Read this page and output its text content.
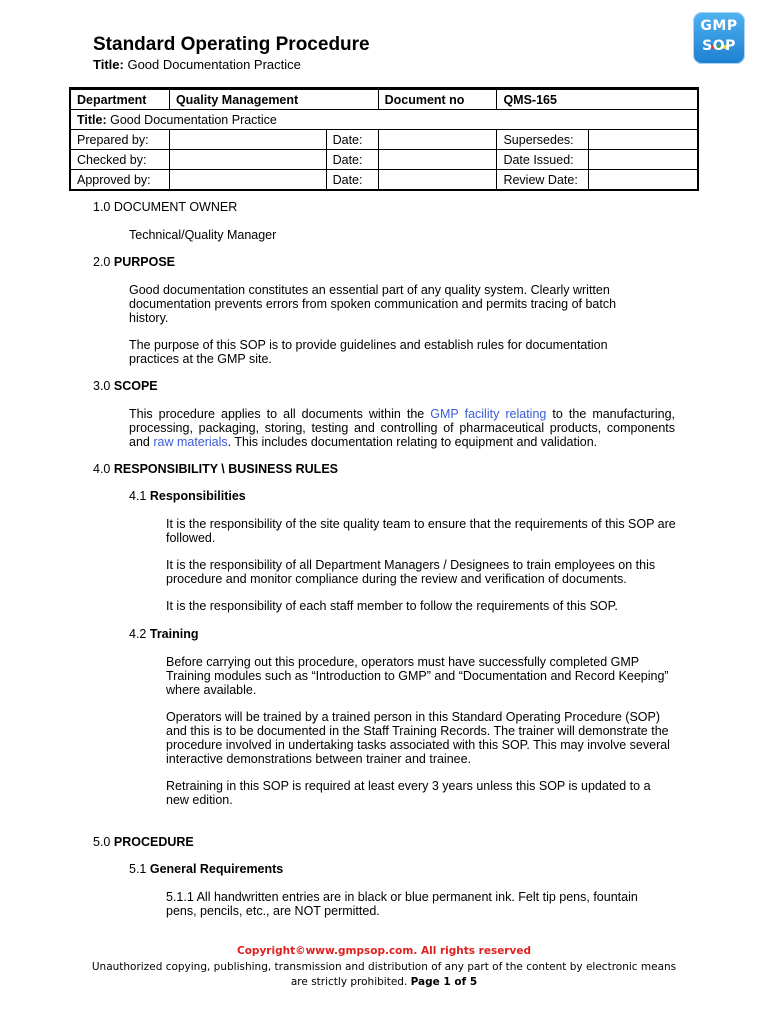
Standard Operating Procedure
Title: Good Documentation Practice
GMP
SOP
Department	Quality Management		Document no	QMS-165	
Title: Good Documentation Practice					
Prepared by:		Date:		Supersedes:	
Checked by:		Date:		Date Issued:	
Approved by:		Date:		Review Date:	
1.0 DOCUMENT OWNER
Technical/Quality Manager
2.0 PURPOSE
Good documentation constitutes an essential part of any quality system. Clearly written documentation prevents errors from spoken communication and permits tracing of batch history.
The purpose of this SOP is to provide guidelines and establish rules for documentation practices at the GMP site.
3.0 SCOPE
This procedure applies to all documents within the GMP facility relating to the manufacturing, processing, packaging, storing, testing and controlling of pharmaceutical products, components and raw materials. This includes documentation relating to equipment and validation.
4.0 RESPONSIBILITY \ BUSINESS RULES
4.1 Responsibilities
It is the responsibility of the site quality team to ensure that the requirements of this SOP are followed.
It is the responsibility of all Department Managers / Designees to train employees on this procedure and monitor compliance during the review and verification of documents.
It is the responsibility of each staff member to follow the requirements of this SOP.
4.2 Training
Before carrying out this procedure, operators must have successfully completed GMP Training modules such as “Introduction to GMP” and “Documentation and Record Keeping” where available.
Operators will be trained by a trained person in this Standard Operating Procedure (SOP) and this is to be documented in the Staff Training Records. The trainer will demonstrate the procedure involved in undertaking tasks associated with this SOP. This may involve several interactive demonstrations between trainer and trainee.
Retraining in this SOP is required at least every 3 years unless this SOP is updated to a new edition.
5.0 PROCEDURE
5.1 General Requirements
5.1.1 All handwritten entries are in black or blue permanent ink. Felt tip pens, fountain pens, pencils, etc., are NOT permitted.
Copyright©www.gmpsop.com. All rights reserved
Unauthorized copying, publishing, transmission and distribution of any part of the content by electronic means
are strictly prohibited. Page 1 of 5
